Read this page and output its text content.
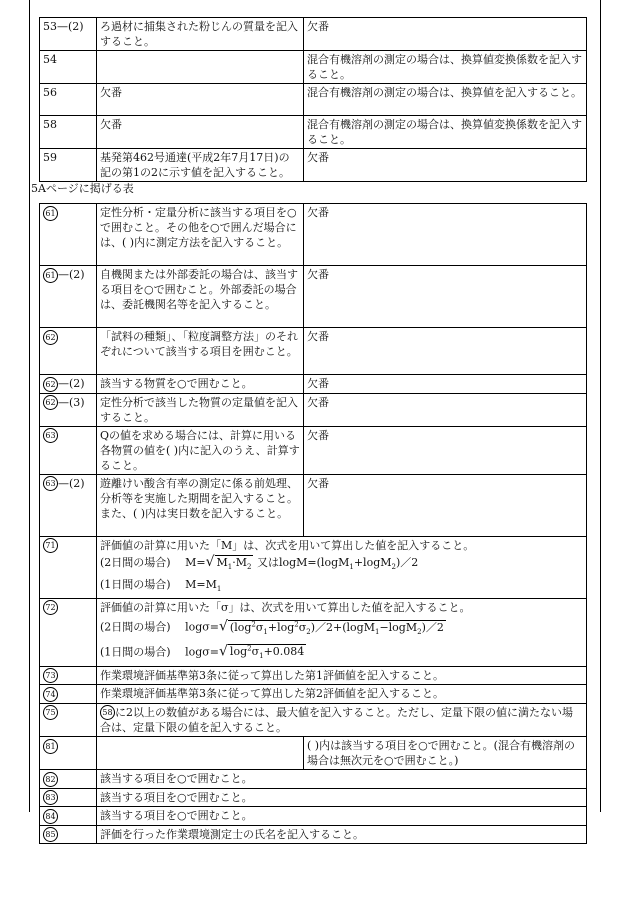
53—(2)	ろ過材に捕集された粉じんの質量を記入すること。	欠番
54		混合有機溶剤の測定の場合は、換算値変換係数を記入すること。
56	欠番	混合有機溶剤の測定の場合は、換算値を記入すること。
58	欠番	混合有機溶剤の測定の場合は、換算値変換係数を記入すること。
59	基発第462号通達(平成2年7月17日)の記の第1の2に示す値を記入すること。	欠番
5Aページに掲げる表
61	定性分析・定量分析に該当する項目を○で囲むこと。その他を○で囲んだ場合には、( )内に測定方法を記入すること。	欠番
61 —(2)	自機関または外部委託の場合は、該当する項目を○で囲むこと。外部委託の場合は、委託機関名等を記入すること。	欠番
62	「試料の種類」、「粒度調整方法」のそれぞれについて該当する項目を囲むこと。	欠番
62 —(2)	該当する物質を○で囲むこと。	欠番
62 —(3)	定性分析で該当した物質の定量値を記入すること。	欠番
63	Qの値を求める場合には、計算に用いる各物質の値を( )内に記入のうえ、計算すること。	欠番
63 —(2)	遊離けい酸含有率の測定に係る前処理、分析等を実施した期間を記入すること。また、( )内は実日数を記入すること。	欠番
71	評価値の計算に用いた「M」は、次式を用いて算出した値を記入すること。
(2日間の場合)　 M=√ $M_1\cdot M_2$ 又はlogM=(logM$_1$+logM$_2$)／2
(1日間の場合)　 $M=M_1$

72	評価値の計算に用いた「σ」は、次式を用いて算出した値を記入すること。
(2日間の場合)　 logσ=√ $(\log^2\sigma_1+\log^2\sigma_2)/2+(\log M_1-\log M_2)/2$
(1日間の場合)　 logσ=√ $\log^2\sigma_1+0.084$	

73	作業環境評価基準第3条に従って算出した第1評価値を記入すること。	
74	作業環境評価基準第3条に従って算出した第2評価値を記入すること。	
75	58 に2以上の数値がある場合には、最大値を記入すること。ただし、定量下限の値に満たない場合は、定量下限の値を記入すること。	
81		( )内は該当する項目を○で囲むこと。(混合有機溶剤の場合は無次元を○で囲むこと。)
82	該当する項目を○で囲むこと。	
83	該当する項目を○で囲むこと。	
84	該当する項目を○で囲むこと。	
85	評価を行った作業環境測定士の氏名を記入すること。	
